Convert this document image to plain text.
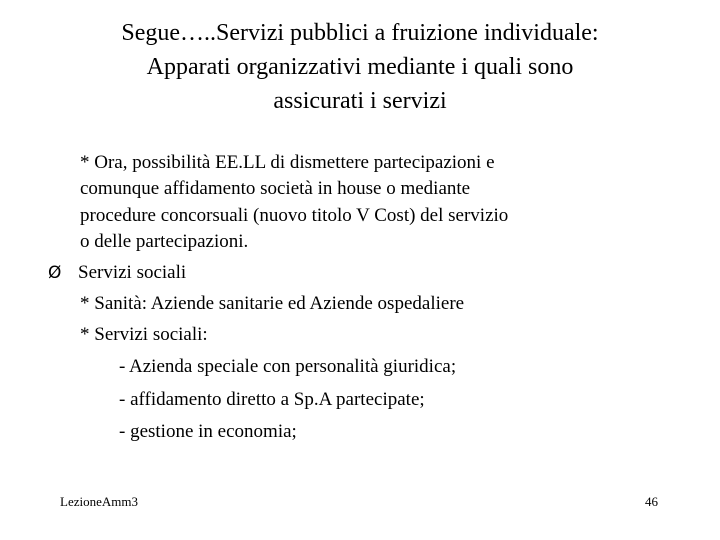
Segue…..Servizi pubblici a fruizione individuale:
Apparati organizzativi mediante i quali sono
assicurati i servizi
* Ora, possibilità EE.LL di dismettere partecipazioni e
comunque affidamento società in house o mediante
procedure concorsuali (nuovo titolo V Cost) del servizio
o delle partecipazioni.
Ø Servizi sociali
* Sanità: Aziende sanitarie ed Aziende ospedaliere
* Servizi sociali:
- Azienda speciale con personalità giuridica;
- affidamento diretto a Sp.A partecipate;
- gestione in economia;
LezioneAmm3	46
